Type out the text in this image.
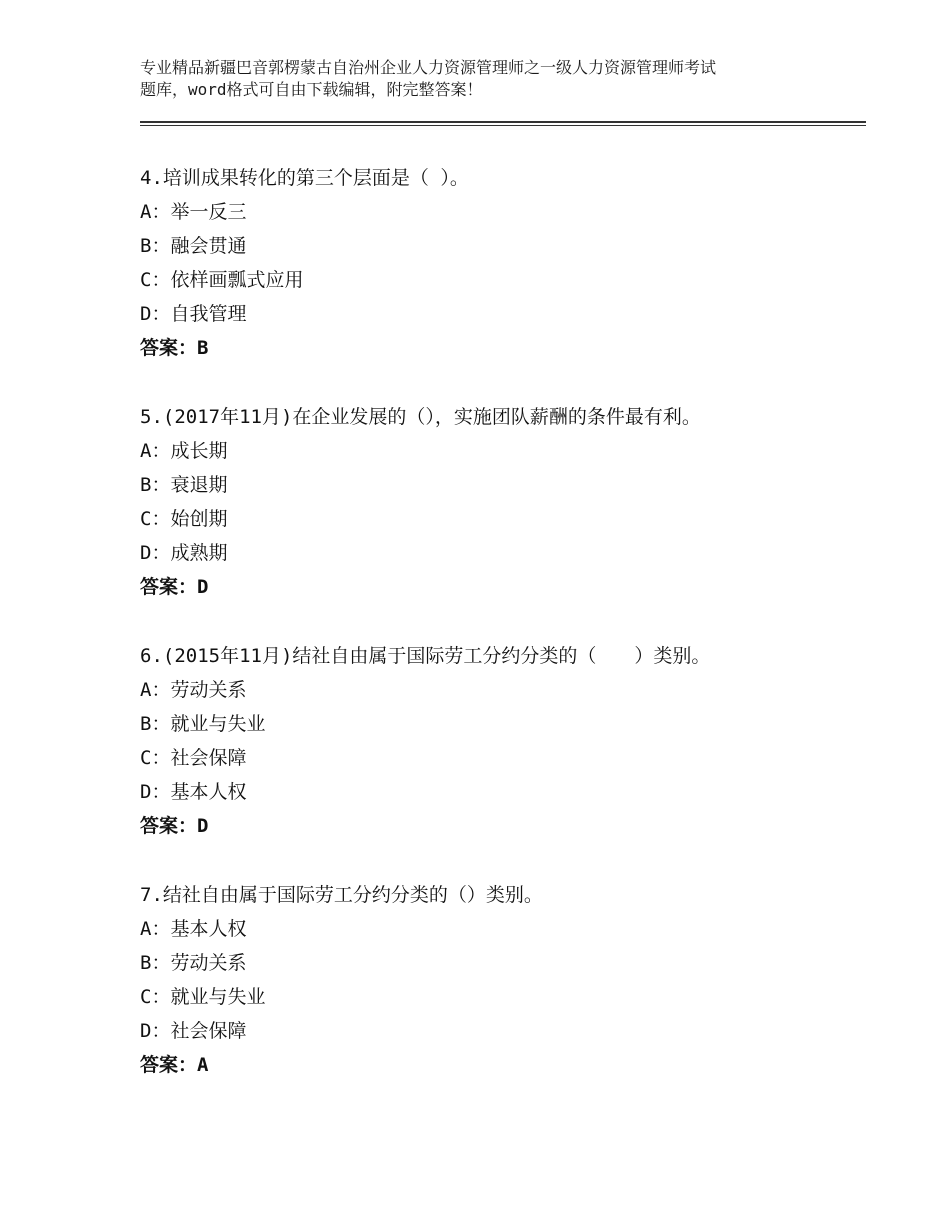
专业精品新疆巴音郭楞蒙古自治州企业人力资源管理师之一级人力资源管理师考试
题库，word格式可自由下载编辑，附完整答案！
4.培训成果转化的第三个层面是（ ）。
A：举一反三
B：融会贯通
C：依样画瓢式应用
D：自我管理
答案：B
5.(2017年11月)在企业发展的（），实施团队薪酬的条件最有利。
A：成长期
B：衰退期
C：始创期
D：成熟期
答案：D
6.(2015年11月)结社自由属于国际劳工分约分类的（　　）类别。
A：劳动关系
B：就业与失业
C：社会保障
D：基本人权
答案：D
7.结社自由属于国际劳工分约分类的（）类别。
A：基本人权
B：劳动关系
C：就业与失业
D：社会保障
答案：A
